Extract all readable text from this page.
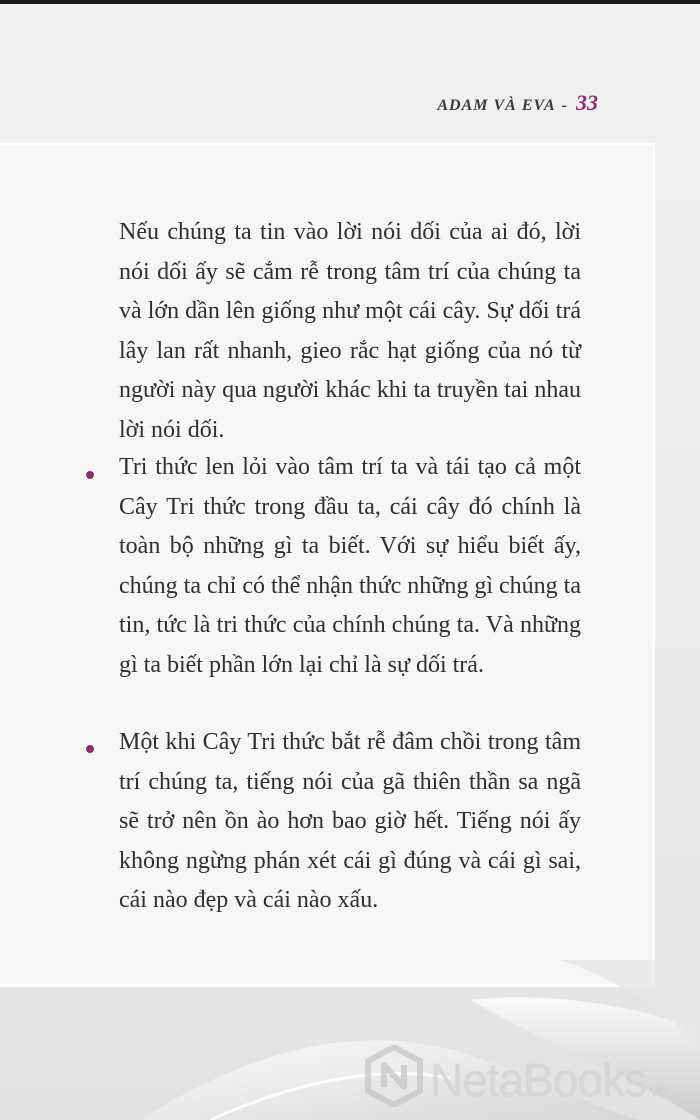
ADAM VÀ EVA - 33
Nếu chúng ta tin vào lời nói dối của ai đó, lời nói dối ấy sẽ cắm rễ trong tâm trí của chúng ta và lớn dần lên giống như một cái cây. Sự dối trá lây lan rất nhanh, gieo rắc hạt giống của nó từ người này qua người khác khi ta truyền tai nhau lời nói dối.
Tri thức len lỏi vào tâm trí ta và tái tạo cả một Cây Tri thức trong đầu ta, cái cây đó chính là toàn bộ những gì ta biết. Với sự hiểu biết ấy, chúng ta chỉ có thể nhận thức những gì chúng ta tin, tức là tri thức của chính chúng ta. Và những gì ta biết phần lớn lại chỉ là sự dối trá.
Một khi Cây Tri thức bắt rễ đâm chồi trong tâm trí chúng ta, tiếng nói của gã thiên thần sa ngã sẽ trở nên ồn ào hơn bao giờ hết. Tiếng nói ấy không ngừng phán xét cái gì đúng và cái gì sai, cái nào đẹp và cái nào xấu.
NetaBooks.vn
